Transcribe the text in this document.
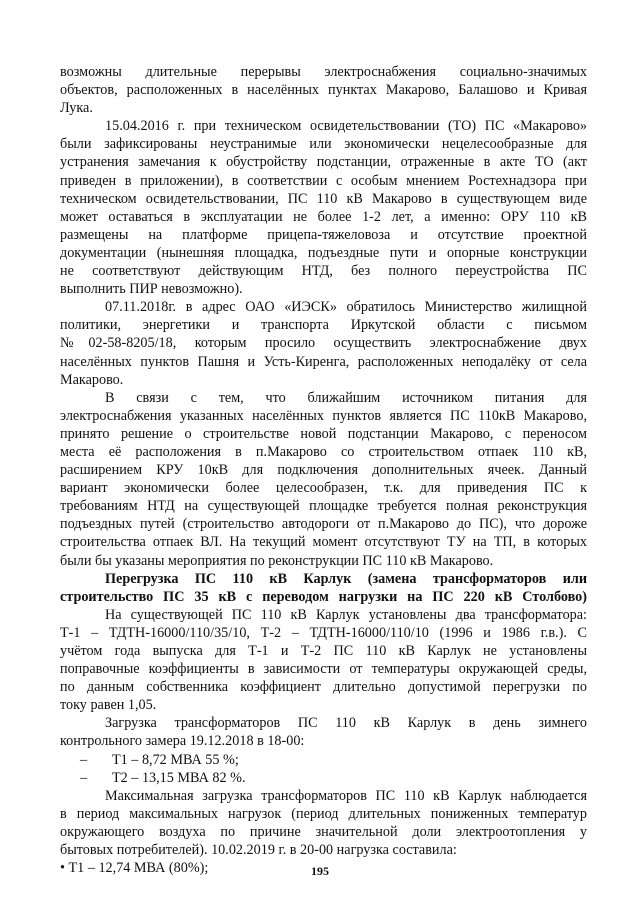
возможны длительные перерывы электроснабжения социально-значимых
объектов, расположенных в населённых пунктах Макарово, Балашово и Кривая
Лука.
15.04.2016 г. при техническом освидетельствовании (ТО) ПС «Макарово»
были зафиксированы неустранимые или экономически нецелесообразные для
устранения замечания к обустройству подстанции, отраженные в акте ТО (акт
приведен в приложении), в соответствии с особым мнением Ростехнадзора при
техническом освидетельствовании, ПС 110 кВ Макарово в существующем виде
может оставаться в эксплуатации не более 1-2 лет, а именно: ОРУ 110 кВ
размещены на платформе прицепа-тяжеловоза и отсутствие проектной
документации (нынешняя площадка, подъездные пути и опорные конструкции
не соответствуют действующим НТД, без полного переустройства ПС
выполнить ПИР невозможно).
07.11.2018г. в адрес ОАО «ИЭСК» обратилось Министерство жилищной
политики, энергетики и транспорта Иркутской области с письмом
№02-58-8205/18, которым просило осуществить электроснабжение двух
населённых пунктов Пашня и Усть-Киренга, расположенных неподалёку от села
Макарово.
В связи с тем, что ближайшим источником питания для
электроснабжения указанных населённых пунктов является ПС 110кВ Макарово,
принято решение о строительстве новой подстанции Макарово, с переносом
места её расположения в п.Макарово со строительством отпаек 110 кВ,
расширением КРУ 10кВ для подключения дополнительных ячеек. Данный
вариант экономически более целесообразен, т.к. для приведения ПС к
требованиям НТД на существующей площадке требуется полная реконструкция
подъездных путей (строительство автодороги от п.Макарово до ПС), что дороже
строительства отпаек ВЛ. На текущий момент отсутствуют ТУ на ТП, в которых
были бы указаны мероприятия по реконструкции ПС 110 кВ Макарово.
Перегрузка ПС 110 кВ Карлук (замена трансформаторов или
строительство ПС 35 кВ с переводом нагрузки на ПС 220 кВ Столбово)
На существующей ПС 110 кВ Карлук установлены два трансформатора:
Т-1 – ТДТН-16000/110/35/10, Т-2 – ТДТН-16000/110/10 (1996 и 1986 г.в.). С
учётом года выпуска для Т-1 и Т-2 ПС 110 кВ Карлук не установлены
поправочные коэффициенты в зависимости от температуры окружающей среды,
по данным собственника коэффициент длительно допустимой перегрузки по
току равен 1,05.
Загрузка трансформаторов ПС 110 кВ Карлук в день зимнего
контрольного замера 19.12.2018 в 18-00:
– Т1 – 8,72 МВА 55 %;
– Т2 – 13,15 МВА 82 %.
Максимальная загрузка трансформаторов ПС 110 кВ Карлук наблюдается
в период максимальных нагрузок (период длительных пониженных температур
окружающего воздуха по причине значительной доли электроотопления у
бытовых потребителей). 10.02.2019 г. в 20-00 нагрузка составила:
• Т1 – 12,74 МВА (80%);	195
